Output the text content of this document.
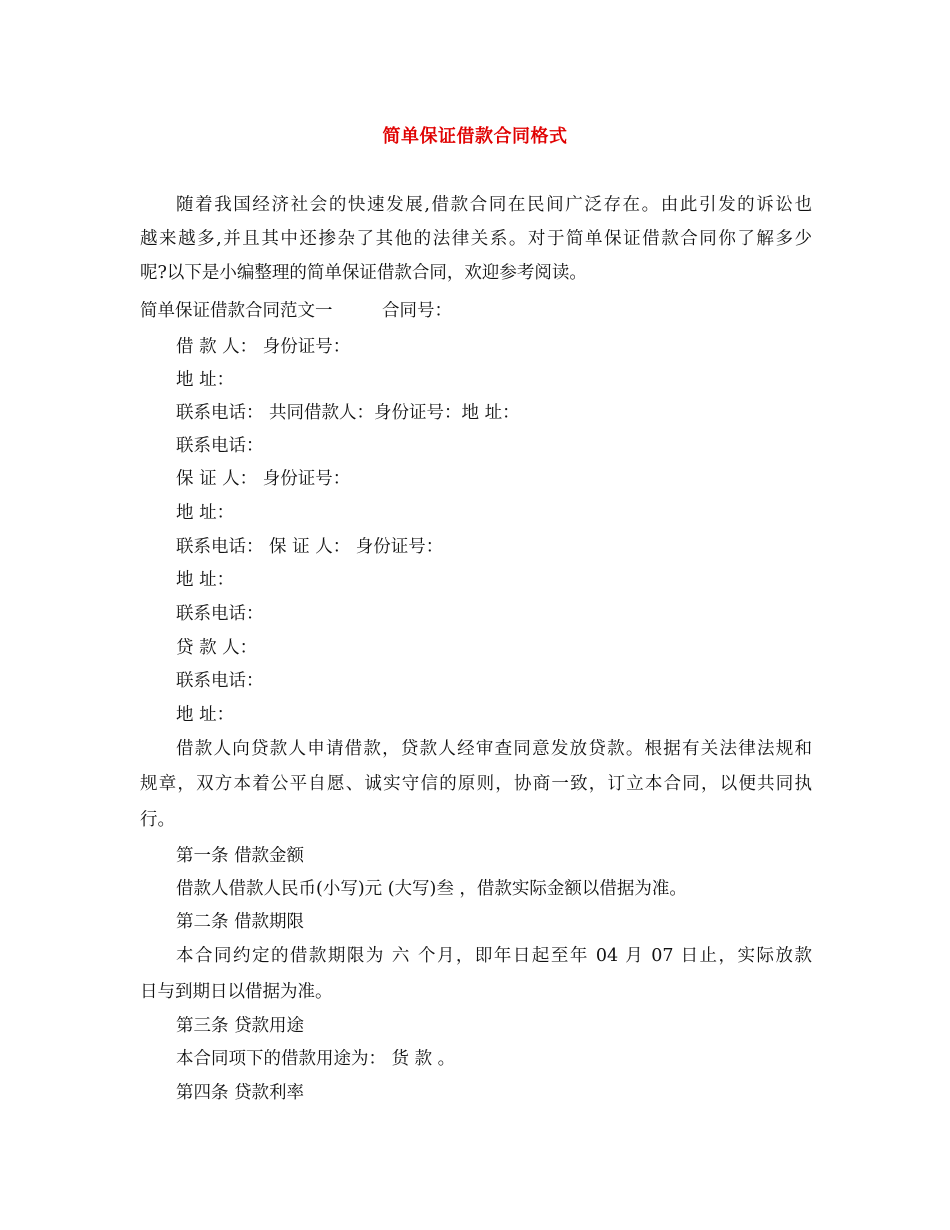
简单保证借款合同格式
随着我国经济社会的快速发展,借款合同在民间广泛存在。由此引发的诉讼也
越来越多,并且其中还掺杂了其他的法律关系。对于简单保证借款合同你了解多少
呢?以下是小编整理的简单保证借款合同，欢迎参考阅读。
简单保证借款合同范文一	合同号：
借 款 人： 身份证号：
地 址：
联系电话： 共同借款人：身份证号：地 址：
联系电话：
保 证 人： 身份证号：
地 址：
联系电话： 保 证 人： 身份证号：
地 址：
联系电话：
贷 款 人：
联系电话：
地 址：
借款人向贷款人申请借款，贷款人经审查同意发放贷款。根据有关法律法规和
规章，双方本着公平自愿、诚实守信的原则，协商一致，订立本合同，以便共同执
行。
第一条 借款金额
借款人借款人民币(小写)元 (大写)叁 ，借款实际金额以借据为准。
第二条 借款期限
本合同约定的借款期限为 六 个月，即年日起至年 04 月 07 日止，实际放款
日与到期日以借据为准。
第三条 贷款用途
本合同项下的借款用途为： 货 款 。
第四条 贷款利率
